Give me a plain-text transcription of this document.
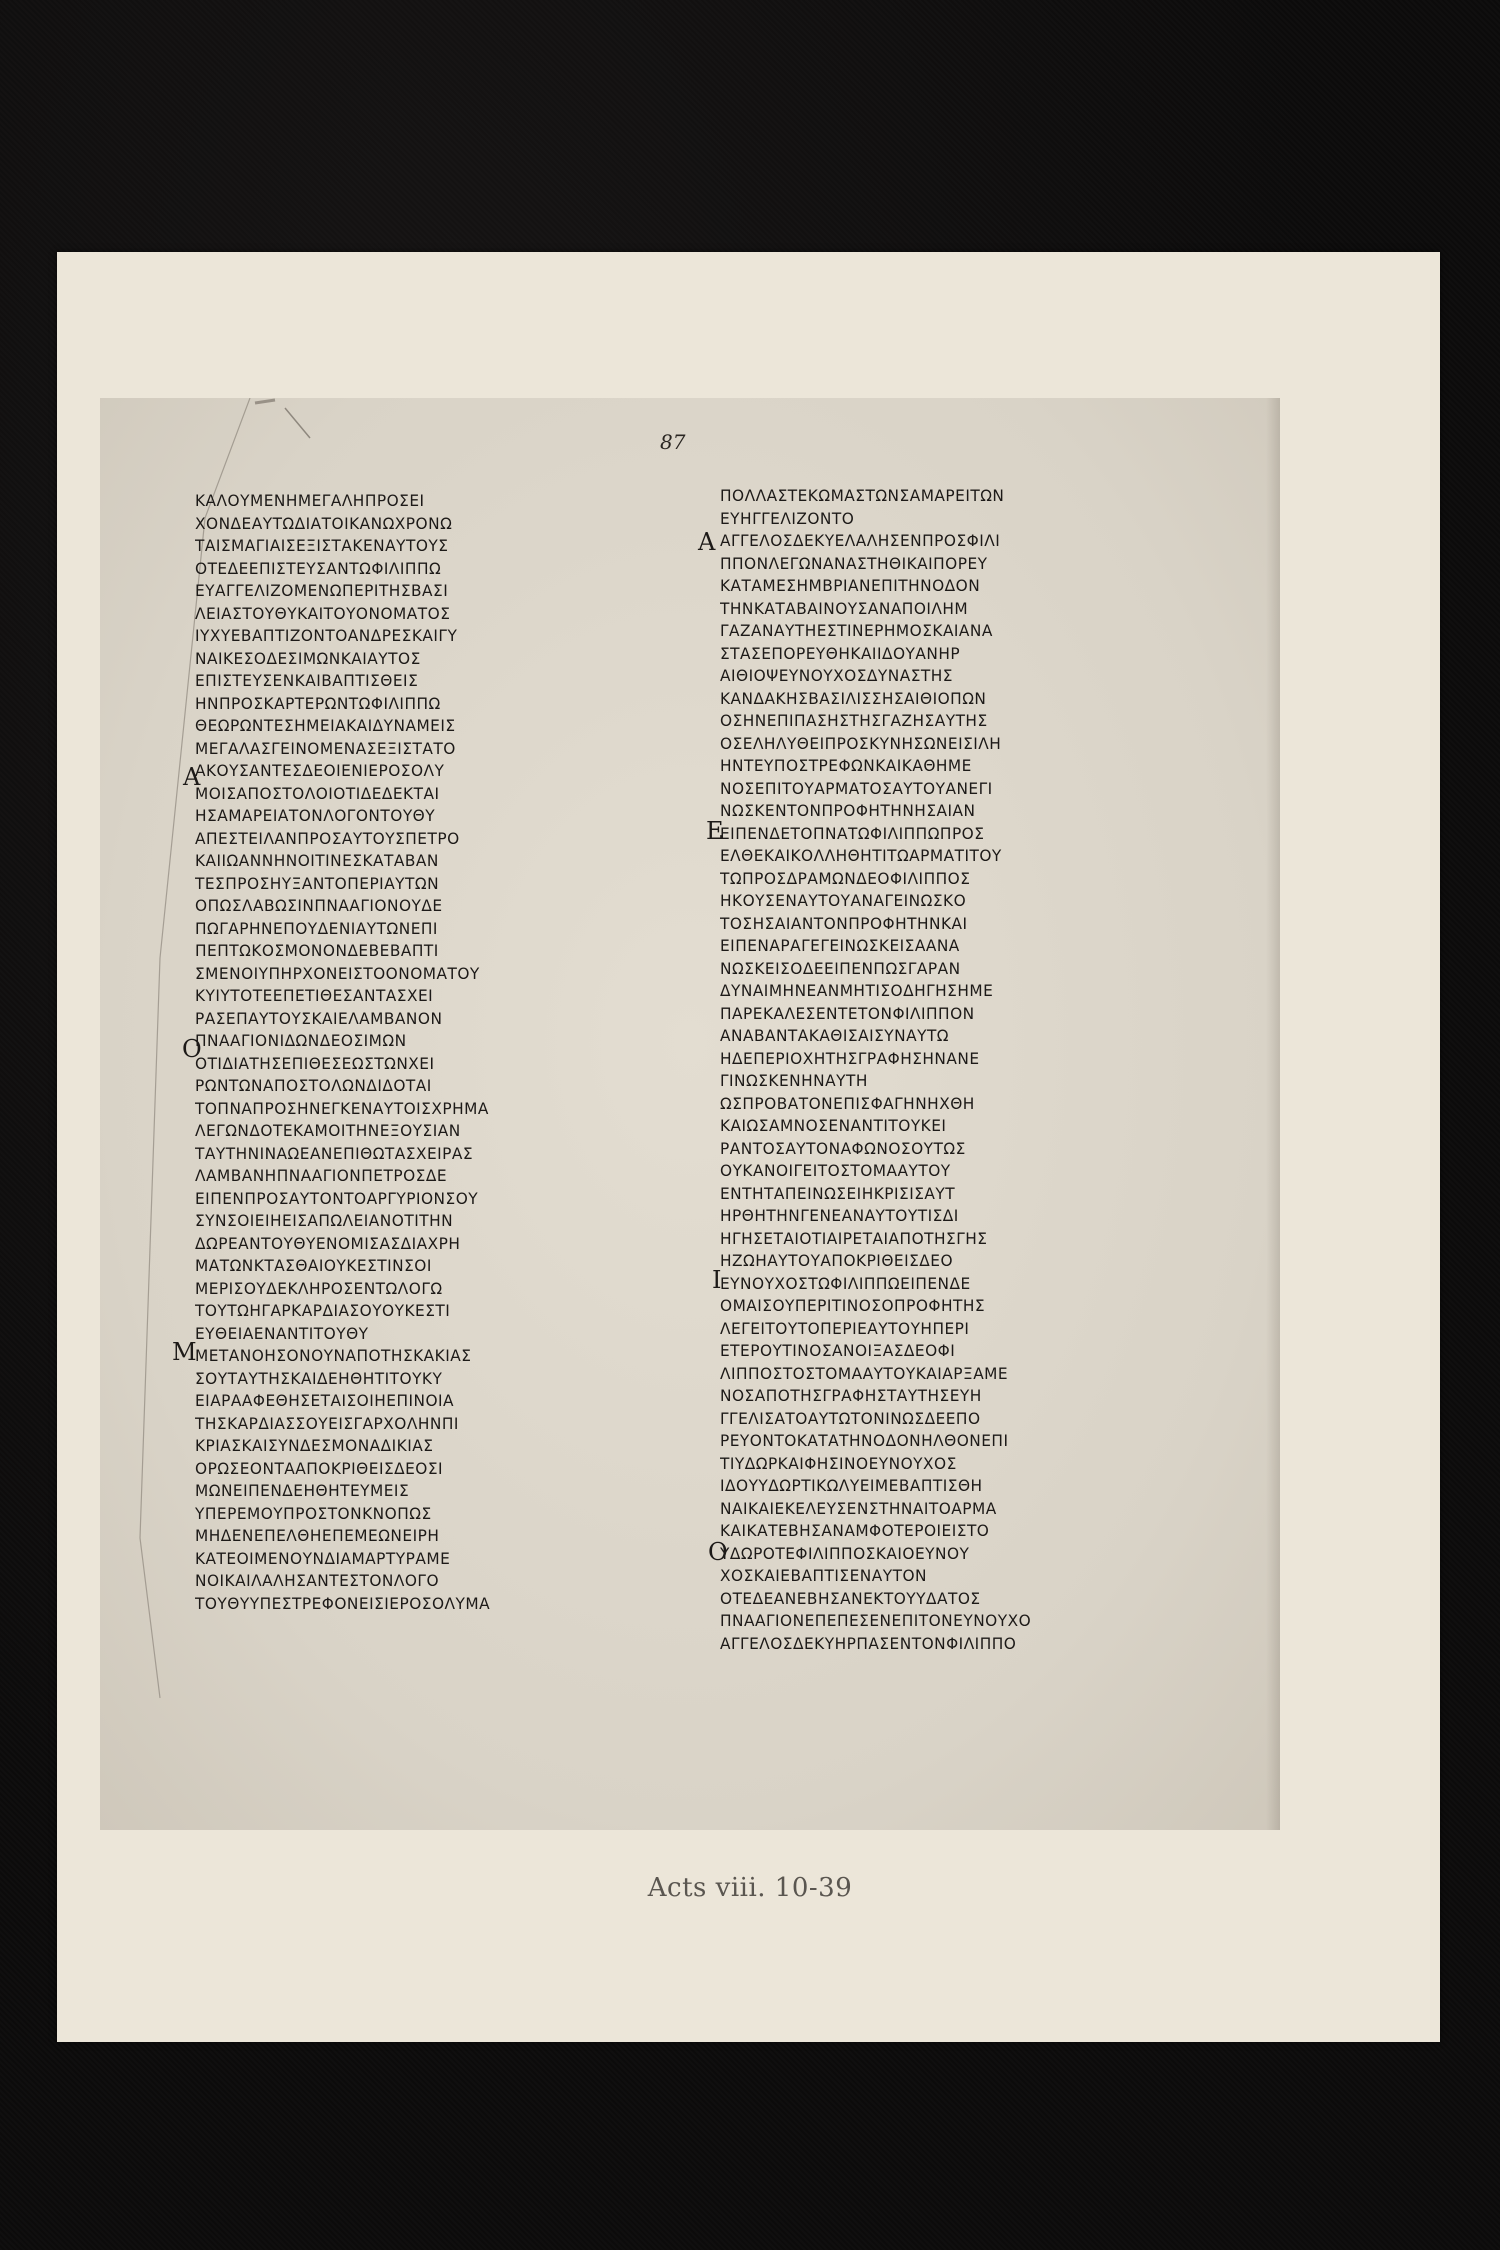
87
ΚΑΛΟΥΜΕΝΗΜΕΓΑΛΗΠΡΟΣΕΙ
ΧΟΝΔΕΑΥΤΩΔΙΑΤΟΙΚΑΝΩΧΡΟΝΩ
ΤΑΙΣΜΑΓΙΑΙΣΕΞΙΣΤΑΚΕΝΑΥΤΟΥΣ
ΟΤΕΔΕΕΠΙΣΤΕΥΣΑΝΤΩΦΙΛΙΠΠΩ
ΕΥΑΓΓΕΛΙΖΟΜΕΝΩΠΕΡΙΤΗΣΒΑΣΙ
ΛΕΙΑΣΤΟΥΘΥΚΑΙΤΟΥΟΝΟΜΑΤΟΣ
ΙΥΧΥΕΒΑΠΤΙΖΟΝΤΟΑΝΔΡΕΣΚΑΙΓΥ
ΝΑΙΚΕΣΟΔΕΣΙΜΩΝΚΑΙΑΥΤΟΣ
ΕΠΙΣΤΕΥΣΕΝΚΑΙΒΑΠΤΙΣΘΕΙΣ
ΗΝΠΡΟΣΚΑΡΤΕΡΩΝΤΩΦΙΛΙΠΠΩ
ΘΕΩΡΩΝΤΕΣΗΜΕΙΑΚΑΙΔΥΝΑΜΕΙΣ
ΜΕΓΑΛΑΣΓΕΙΝΟΜΕΝΑΣΕΞΙΣΤΑΤΟ
ΑΚΟΥΣΑΝΤΕΣΔΕΟΙΕΝΙΕΡΟΣΟΛΥ
ΜΟΙΣΑΠΟΣΤΟΛΟΙΟΤΙΔΕΔΕΚΤΑΙ
ΗΣΑΜΑΡΕΙΑΤΟΝΛΟΓΟΝΤΟΥΘΥ
ΑΠΕΣΤΕΙΛΑΝΠΡΟΣΑΥΤΟΥΣΠΕΤΡΟ
ΚΑΙΙΩΑΝΝΗΝΟΙΤΙΝΕΣΚΑΤΑΒΑΝ
ΤΕΣΠΡΟΣΗΥΞΑΝΤΟΠΕΡΙΑΥΤΩΝ
ΟΠΩΣΛΑΒΩΣΙΝΠΝΑΑΓΙΟΝΟΥΔΕ
ΠΩΓΑΡΗΝΕΠΟΥΔΕΝΙΑΥΤΩΝΕΠΙ
ΠΕΠΤΩΚΟΣΜΟΝΟΝΔΕΒΕΒΑΠΤΙ
ΣΜΕΝΟΙΥΠΗΡΧΟΝΕΙΣΤΟΟΝΟΜΑΤΟΥ
ΚΥΙΥΤΟΤΕΕΠΕΤΙΘΕΣΑΝΤΑΣΧΕΙ
ΡΑΣΕΠΑΥΤΟΥΣΚΑΙΕΛΑΜΒΑΝΟΝ
ΠΝΑΑΓΙΟΝΙΔΩΝΔΕΟΣΙΜΩΝ
ΟΤΙΔΙΑΤΗΣΕΠΙΘΕΣΕΩΣΤΩΝΧΕΙ
ΡΩΝΤΩΝΑΠΟΣΤΟΛΩΝΔΙΔΟΤΑΙ
ΤΟΠΝΑΠΡΟΣΗΝΕΓΚΕΝΑΥΤΟΙΣΧΡΗΜΑ
ΛΕΓΩΝΔΟΤΕΚΑΜΟΙΤΗΝΕΞΟΥΣΙΑΝ
ΤΑΥΤΗΝΙΝΑΩΕΑΝΕΠΙΘΩΤΑΣΧΕΙΡΑΣ
ΛΑΜΒΑΝΗΠΝΑΑΓΙΟΝΠΕΤΡΟΣΔΕ
ΕΙΠΕΝΠΡΟΣΑΥΤΟΝΤΟΑΡΓΥΡΙΟΝΣΟΥ
ΣΥΝΣΟΙΕΙΗΕΙΣΑΠΩΛΕΙΑΝΟΤΙΤΗΝ
ΔΩΡΕΑΝΤΟΥΘΥΕΝΟΜΙΣΑΣΔΙΑΧΡΗ
ΜΑΤΩΝΚΤΑΣΘΑΙΟΥΚΕΣΤΙΝΣΟΙ
ΜΕΡΙΣΟΥΔΕΚΛΗΡΟΣΕΝΤΩΛΟΓΩ
ΤΟΥΤΩΗΓΑΡΚΑΡΔΙΑΣΟΥΟΥΚΕΣΤΙ
ΕΥΘΕΙΑΕΝΑΝΤΙΤΟΥΘΥ
ΜΕΤΑΝΟΗΣΟΝΟΥΝΑΠΟΤΗΣΚΑΚΙΑΣ
ΣΟΥΤΑΥΤΗΣΚΑΙΔΕΗΘΗΤΙΤΟΥΚΥ
ΕΙΑΡΑΑΦΕΘΗΣΕΤΑΙΣΟΙΗΕΠΙΝΟΙΑ
ΤΗΣΚΑΡΔΙΑΣΣΟΥΕΙΣΓΑΡΧΟΛΗΝΠΙ
ΚΡΙΑΣΚΑΙΣΥΝΔΕΣΜΟΝΑΔΙΚΙΑΣ
ΟΡΩΣΕΟΝΤΑΑΠΟΚΡΙΘΕΙΣΔΕΟΣΙ
ΜΩΝΕΙΠΕΝΔΕΗΘΗΤΕΥΜΕΙΣ
ΥΠΕΡΕΜΟΥΠΡΟΣΤΟΝΚΝΟΠΩΣ
ΜΗΔΕΝΕΠΕΛΘΗΕΠΕΜΕΩΝΕΙΡΗ
ΚΑΤΕΟΙΜΕΝΟΥΝΔΙΑΜΑΡΤΥΡΑΜΕ
ΝΟΙΚΑΙΛΑΛΗΣΑΝΤΕΣΤΟΝΛΟΓΟ
ΤΟΥΘΥΥΠΕΣΤΡΕΦΟΝΕΙΣΙΕΡΟΣΟΛΥΜΑ
ΠΟΛΛΑΣΤΕΚΩΜΑΣΤΩΝΣΑΜΑΡΕΙΤΩΝ
ΕΥΗΓΓΕΛΙΖΟΝΤΟ
ΑΓΓΕΛΟΣΔΕΚΥΕΛΑΛΗΣΕΝΠΡΟΣΦΙΛΙ
ΠΠΟΝΛΕΓΩΝΑΝΑΣΤΗΘΙΚΑΙΠΟΡΕΥ
ΚΑΤΑΜΕΣΗΜΒΡΙΑΝΕΠΙΤΗΝΟΔΟΝ
ΤΗΝΚΑΤΑΒΑΙΝΟΥΣΑΝΑΠΟΙΛΗΜ
ΓΑΖΑΝΑΥΤΗΕΣΤΙΝΕΡΗΜΟΣΚΑΙΑΝΑ
ΣΤΑΣΕΠΟΡΕΥΘΗΚΑΙΙΔΟΥΑΝΗΡ
ΑΙΘΙΟΨΕΥΝΟΥΧΟΣΔΥΝΑΣΤΗΣ
ΚΑΝΔΑΚΗΣΒΑΣΙΛΙΣΣΗΣΑΙΘΙΟΠΩΝ
ΟΣΗΝΕΠΙΠΑΣΗΣΤΗΣΓΑΖΗΣΑΥΤΗΣ
ΟΣΕΛΗΛΥΘΕΙΠΡΟΣΚΥΝΗΣΩΝΕΙΣΙΛΗ
ΗΝΤΕΥΠΟΣΤΡΕΦΩΝΚΑΙΚΑΘΗΜΕ
ΝΟΣΕΠΙΤΟΥΑΡΜΑΤΟΣΑΥΤΟΥΑΝΕΓΙ
ΝΩΣΚΕΝΤΟΝΠΡΟΦΗΤΗΝΗΣΑΙΑΝ
ΕΙΠΕΝΔΕΤΟΠΝΑΤΩΦΙΛΙΠΠΩΠΡΟΣ
ΕΛΘΕΚΑΙΚΟΛΛΗΘΗΤΙΤΩΑΡΜΑΤΙΤΟΥ
ΤΩΠΡΟΣΔΡΑΜΩΝΔΕΟΦΙΛΙΠΠΟΣ
ΗΚΟΥΣΕΝΑΥΤΟΥΑΝΑΓΕΙΝΩΣΚΟ
ΤΟΣΗΣΑΙΑΝΤΟΝΠΡΟΦΗΤΗΝΚΑΙ
ΕΙΠΕΝΑΡΑΓΕΓΕΙΝΩΣΚΕΙΣΑΑΝΑ
ΝΩΣΚΕΙΣΟΔΕΕΙΠΕΝΠΩΣΓΑΡΑΝ
ΔΥΝΑΙΜΗΝΕΑΝΜΗΤΙΣΟΔΗΓΗΣΗΜΕ
ΠΑΡΕΚΑΛΕΣΕΝΤΕΤΟΝΦΙΛΙΠΠΟΝ
ΑΝΑΒΑΝΤΑΚΑΘΙΣΑΙΣΥΝΑΥΤΩ
ΗΔΕΠΕΡΙΟΧΗΤΗΣΓΡΑΦΗΣΗΝΑΝΕ
ΓΙΝΩΣΚΕΝΗΝΑΥΤΗ
ΩΣΠΡΟΒΑΤΟΝΕΠΙΣΦΑΓΗΝΗΧΘΗ
ΚΑΙΩΣΑΜΝΟΣΕΝΑΝΤΙΤΟΥΚΕΙ
ΡΑΝΤΟΣΑΥΤΟΝΑΦΩΝΟΣΟΥΤΩΣ
ΟΥΚΑΝΟΙΓΕΙΤΟΣΤΟΜΑΑΥΤΟΥ
ΕΝΤΗΤΑΠΕΙΝΩΣΕΙΗΚΡΙΣΙΣΑΥΤ
ΗΡΘΗΤΗΝΓΕΝΕΑΝΑΥΤΟΥΤΙΣΔΙ
ΗΓΗΣΕΤΑΙΟΤΙΑΙΡΕΤΑΙΑΠΟΤΗΣΓΗΣ
ΗΖΩΗΑΥΤΟΥΑΠΟΚΡΙΘΕΙΣΔΕΟ
ΕΥΝΟΥΧΟΣΤΩΦΙΛΙΠΠΩΕΙΠΕΝΔΕ
ΟΜΑΙΣΟΥΠΕΡΙΤΙΝΟΣΟΠΡΟΦΗΤΗΣ
ΛΕΓΕΙΤΟΥΤΟΠΕΡΙΕΑΥΤΟΥΗΠΕΡΙ
ΕΤΕΡΟΥΤΙΝΟΣΑΝΟΙΞΑΣΔΕΟΦΙ
ΛΙΠΠΟΣΤΟΣΤΟΜΑΑΥΤΟΥΚΑΙΑΡΞΑΜΕ
ΝΟΣΑΠΟΤΗΣΓΡΑΦΗΣΤΑΥΤΗΣΕΥΗ
ΓΓΕΛΙΣΑΤΟΑΥΤΩΤΟΝΙΝΩΣΔΕΕΠΟ
ΡΕΥΟΝΤΟΚΑΤΑΤΗΝΟΔΟΝΗΛΘΟΝΕΠΙ
ΤΙΥΔΩΡΚΑΙΦΗΣΙΝΟΕΥΝΟΥΧΟΣ
ΙΔΟΥΥΔΩΡΤΙΚΩΛΥΕΙΜΕΒΑΠΤΙΣΘΗ
ΝΑΙΚΑΙΕΚΕΛΕΥΣΕΝΣΤΗΝΑΙΤΟΑΡΜΑ
ΚΑΙΚΑΤΕΒΗΣΑΝΑΜΦΟΤΕΡΟΙΕΙΣΤΟ
ΥΔΩΡΟΤΕΦΙΛΙΠΠΟΣΚΑΙΟΕΥΝΟΥ
ΧΟΣΚΑΙΕΒΑΠΤΙΣΕΝΑΥΤΟΝ
ΟΤΕΔΕΑΝΕΒΗΣΑΝΕΚΤΟΥΥΔΑΤΟΣ
ΠΝΑΑΓΙΟΝΕΠΕΠΕΣΕΝΕΠΙΤΟΝΕΥΝΟΥΧΟ
ΑΓΓΕΛΟΣΔΕΚΥΗΡΠΑΣΕΝΤΟΝΦΙΛΙΠΠΟ
Α
Ο
Μ
Α
Ε
Ι
Ο
Acts viii. 10-39
